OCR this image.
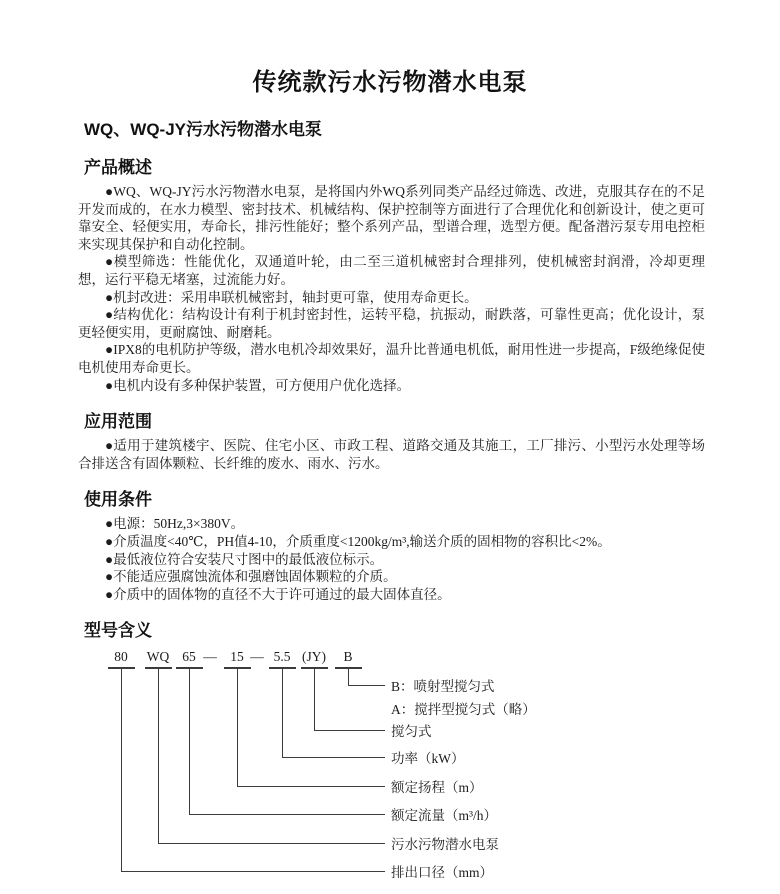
传统款污水污物潜水电泵
WQ、WQ-JY污水污物潜水电泵
产品概述

●WQ、WQ-JY污水污物潜水电泵，是将国内外WQ系列同类产品经过筛选、改进，克服其存在的不足开发而成的，在水力模型、密封技术、机械结构、保护控制等方面进行了合理优化和创新设计，使之更可靠安全、轻便实用，寿命长，排污性能好；整个系列产品，型谱合理，选型方便。配备潜污泵专用电控柜来实现其保护和自动化控制。

●模型筛选：性能优化，双通道叶轮，由二至三道机械密封合理排列，使机械密封润滑，冷却更理想，运行平稳无堵塞，过流能力好。

●机封改进：采用串联机械密封，轴封更可靠，使用寿命更长。

●结构优化：结构设计有利于机封密封性，运转平稳，抗振动，耐跌落，可靠性更高；优化设计，泵更轻便实用，更耐腐蚀、耐磨耗。

●IPX8的电机防护等级，潜水电机冷却效果好，温升比普通电机低，耐用性进一步提高，F级绝缘促使电机使用寿命更长。

●电机内设有多种保护装置，可方便用户优化选择。

应用范围

●适用于建筑楼宇、医院、住宅小区、市政工程、道路交通及其施工，工厂排污、小型污水处理等场合排送含有固体颗粒、长纤维的废水、雨水、污水。

使用条件

●电源：50Hz,3×380V。

●介质温度<40℃，PH值4-10，介质重度<1200kg/m³,输送介质的固相物的容积比<2%。

●最低液位符合安装尺寸图中的最低液位标示。

●不能适应强腐蚀流体和强磨蚀固体颗粒的介质。

●介质中的固体物的直径不大于许可通过的最大固体直径。

型号含义
80 WQ 65 — 15 — 5.5 (JY) B
B：喷射型搅匀式
A：搅拌型搅匀式（略）
搅匀式
功率（kW）
额定扬程（m）
额定流量（m³/h）
污水污物潜水电泵
排出口径（mm）
